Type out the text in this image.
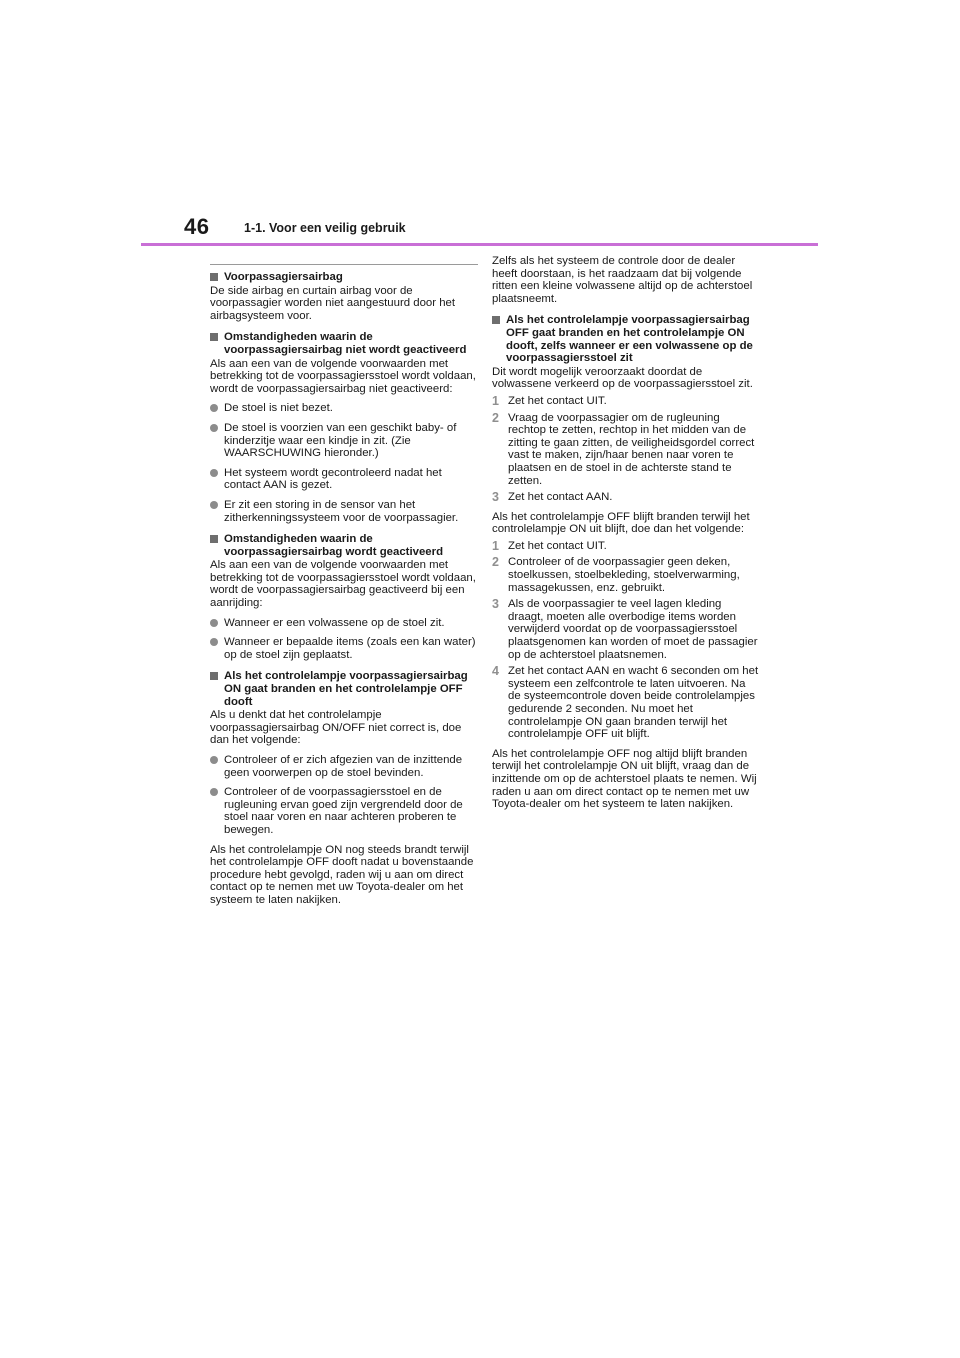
46	1-1. Voor een veilig gebruik
Voorpassagiersairbag

De side airbag en curtain airbag voor de voorpassagier worden niet aangestuurd door het airbagsysteem voor.

Omstandigheden waarin de voorpassagiersairbag niet wordt geactiveerd

Als aan een van de volgende voorwaarden met betrekking tot de voorpassagiersstoel wordt voldaan, wordt de voorpassagiersairbag niet geactiveerd:

De stoel is niet bezet.
De stoel is voorzien van een geschikt baby- of kinderzitje waar een kindje in zit. (Zie WAARSCHUWING hieronder.)
Het systeem wordt gecontroleerd nadat het contact AAN is gezet.
Er zit een storing in de sensor van het zitherkenningssysteem voor de voorpassagier.
Omstandigheden waarin de voorpassagiersairbag wordt geactiveerd

Als aan een van de volgende voorwaarden met betrekking tot de voorpassagiersstoel wordt voldaan, wordt de voorpassagiersairbag geactiveerd bij een aanrijding:

Wanneer er een volwassene op de stoel zit.
Wanneer er bepaalde items (zoals een kan water) op de stoel zijn geplaatst.
Als het controlelampje voorpassagiersairbag ON gaat branden en het controlelampje OFF dooft

Als u denkt dat het controlelampje voorpassagiersairbag ON/OFF niet correct is, doe dan het volgende:

Controleer of er zich afgezien van de inzittende geen voorwerpen op de stoel bevinden.
Controleer of de voorpassagiersstoel en de rugleuning ervan goed zijn vergrendeld door de stoel naar voren en naar achteren proberen te bewegen.

Als het controlelampje ON nog steeds brandt terwijl het controlelampje OFF dooft nadat u bovenstaande procedure hebt gevolgd, raden wij u aan om direct contact op te nemen met uw Toyota-dealer om het systeem te laten nakijken.

Zelfs als het systeem de controle door de dealer heeft doorstaan, is het raadzaam dat bij volgende ritten een kleine volwassene altijd op de achterstoel plaatsneemt.

Als het controlelampje voorpassagiersairbag OFF gaat branden en het controlelampje ON dooft, zelfs wanneer er een volwassene op de voorpassagiersstoel zit

Dit wordt mogelijk veroorzaakt doordat de volwassene verkeerd op de voorpassagiersstoel zit.

1 Zet het contact UIT.
2 Vraag de voorpassagier om de rugleuning rechtop te zetten, rechtop in het midden van de zitting te gaan zitten, de veiligheidsgordel correct vast te maken, zijn/haar benen naar voren te plaatsen en de stoel in de achterste stand te zetten.
3 Zet het contact AAN.

Als het controlelampje OFF blijft branden terwijl het controlelampje ON uit blijft, doe dan het volgende:

1 Zet het contact UIT.
2 Controleer of de voorpassagier geen deken, stoelkussen, stoelbekleding, stoelverwarming, massagekussen, enz. gebruikt.
3 Als de voorpassagier te veel lagen kleding draagt, moeten alle overbodige items worden verwijderd voordat op de voorpassagiersstoel plaatsgenomen kan worden of moet de passagier op de achterstoel plaatsnemen.
4 Zet het contact AAN en wacht 6 seconden om het systeem een zelfcontrole te laten uitvoeren. Na de systeemcontrole doven beide controlelampjes gedurende 2 seconden. Nu moet het controlelampje ON gaan branden terwijl het controlelampje OFF uit blijft.

Als het controlelampje OFF nog altijd blijft branden terwijl het controlelampje ON uit blijft, vraag dan de inzittende om op de achterstoel plaats te nemen. Wij raden u aan om direct contact op te nemen met uw Toyota-dealer om het systeem te laten nakijken.
